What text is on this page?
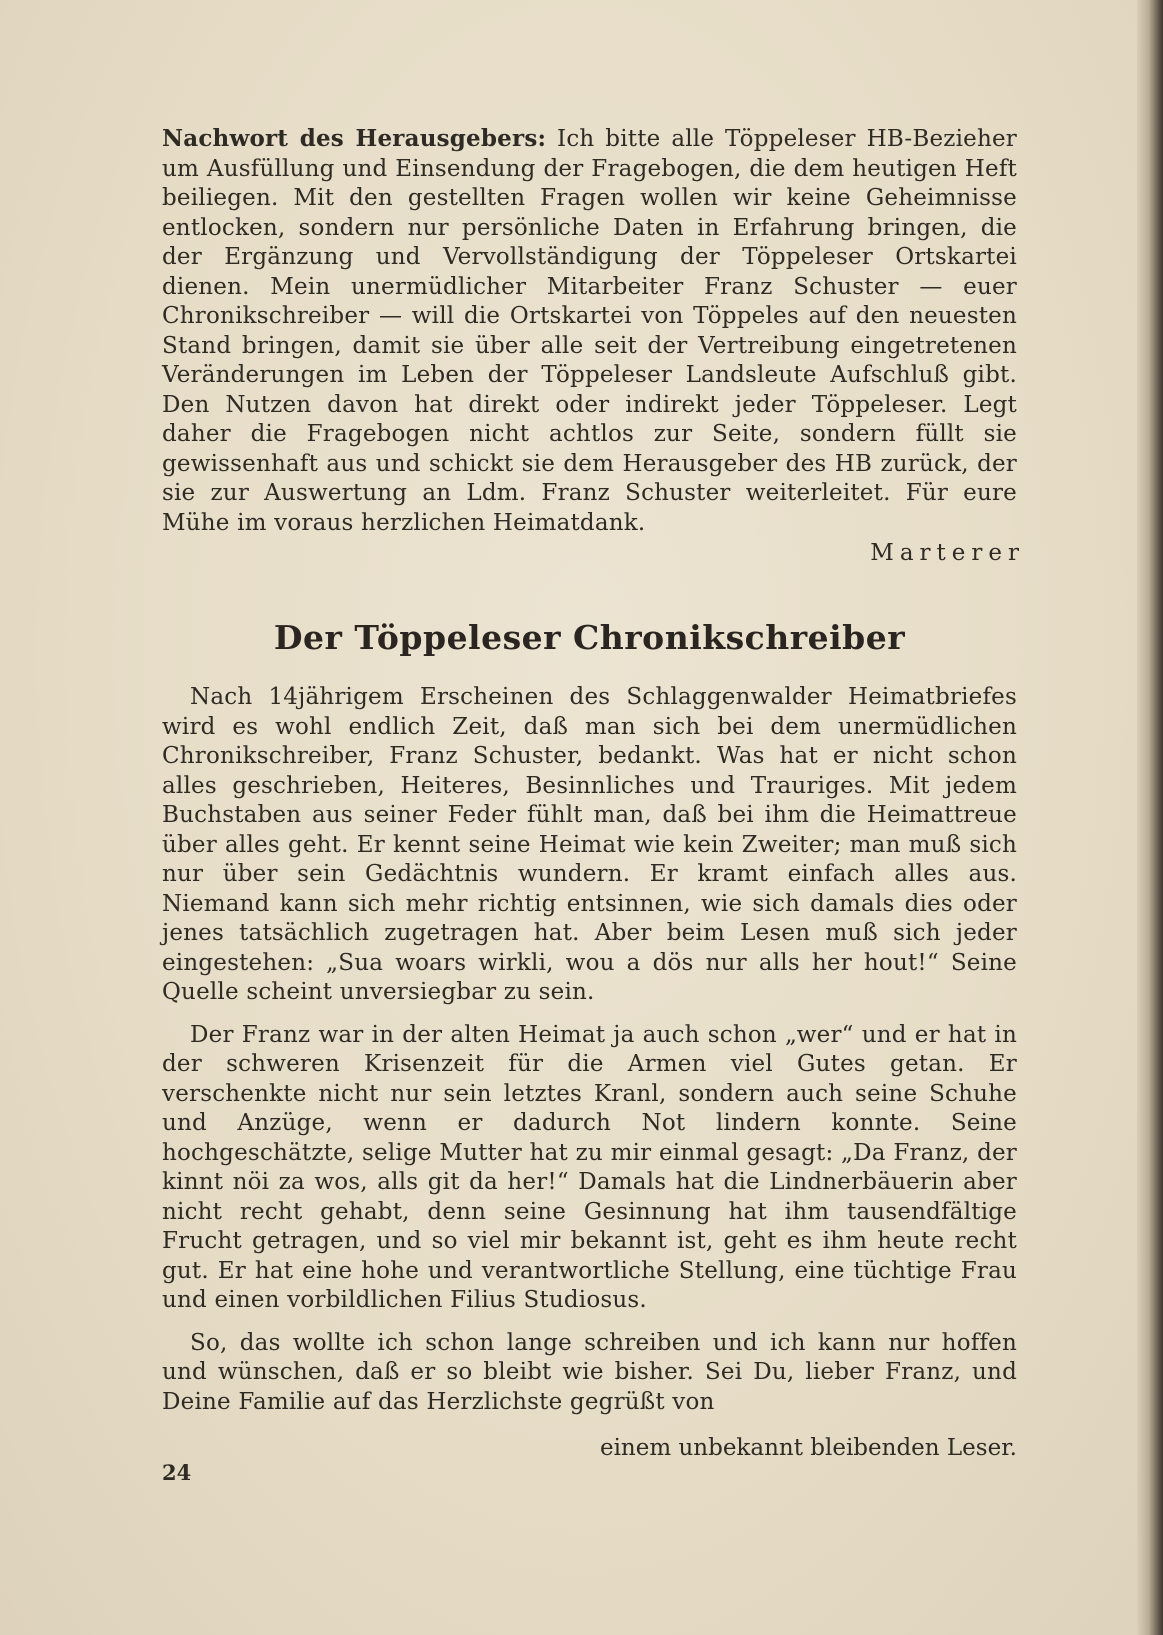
Nachwort des Herausgebers: Ich bitte alle Töppeleser HB-Bezieher um Ausfüllung und Einsendung der Fragebogen, die dem heutigen Heft beiliegen. Mit den gestellten Fragen wollen wir keine Geheimnisse entlocken, sondern nur persönliche Daten in Erfahrung bringen, die der Ergänzung und Vervollständigung der Töppeleser Ortskartei dienen. Mein unermüdlicher Mitarbeiter Franz Schuster — euer Chronikschreiber — will die Ortskartei von Töppeles auf den neuesten Stand bringen, damit sie über alle seit der Vertreibung eingetretenen Veränderungen im Leben der Töppeleser Landsleute Aufschluß gibt. Den Nutzen davon hat direkt oder indirekt jeder Töppeleser. Legt daher die Fragebogen nicht achtlos zur Seite, sondern füllt sie gewissenhaft aus und schickt sie dem Herausgeber des HB zurück, der sie zur Auswertung an Ldm. Franz Schuster weiterleitet. Für eure Mühe im voraus herzlichen Heimatdank.

Marterer
Der Töppeleser Chronikschreiber

Nach 14jährigem Erscheinen des Schlaggenwalder Heimatbriefes wird es wohl endlich Zeit, daß man sich bei dem unermüdlichen Chronikschreiber, Franz Schuster, bedankt. Was hat er nicht schon alles geschrieben, Heiteres, Besinnliches und Trauriges. Mit jedem Buchstaben aus seiner Feder fühlt man, daß bei ihm die Heimattreue über alles geht. Er kennt seine Heimat wie kein Zweiter; man muß sich nur über sein Gedächtnis wundern. Er kramt einfach alles aus. Niemand kann sich mehr richtig entsinnen, wie sich damals dies oder jenes tatsächlich zugetragen hat. Aber beim Lesen muß sich jeder eingestehen: „Sua woars wirkli, wou a dös nur alls her hout!“ Seine Quelle scheint unversiegbar zu sein.

Der Franz war in der alten Heimat ja auch schon „wer“ und er hat in der schweren Krisenzeit für die Armen viel Gutes getan. Er verschenkte nicht nur sein letztes Kranl, sondern auch seine Schuhe und Anzüge, wenn er dadurch Not lindern konnte. Seine hochgeschätzte, selige Mutter hat zu mir einmal gesagt: „Da Franz, der kinnt nöi za wos, alls git da her!“ Damals hat die Lindnerbäuerin aber nicht recht gehabt, denn seine Gesinnung hat ihm tausendfältige Frucht getragen, und so viel mir bekannt ist, geht es ihm heute recht gut. Er hat eine hohe und verantwortliche Stellung, eine tüchtige Frau und einen vorbildlichen Filius Studiosus.

So, das wollte ich schon lange schreiben und ich kann nur hoffen und wünschen, daß er so bleibt wie bisher. Sei Du, lieber Franz, und Deine Familie auf das Herzlichste gegrüßt von

einem unbekannt bleibenden Leser.
24
